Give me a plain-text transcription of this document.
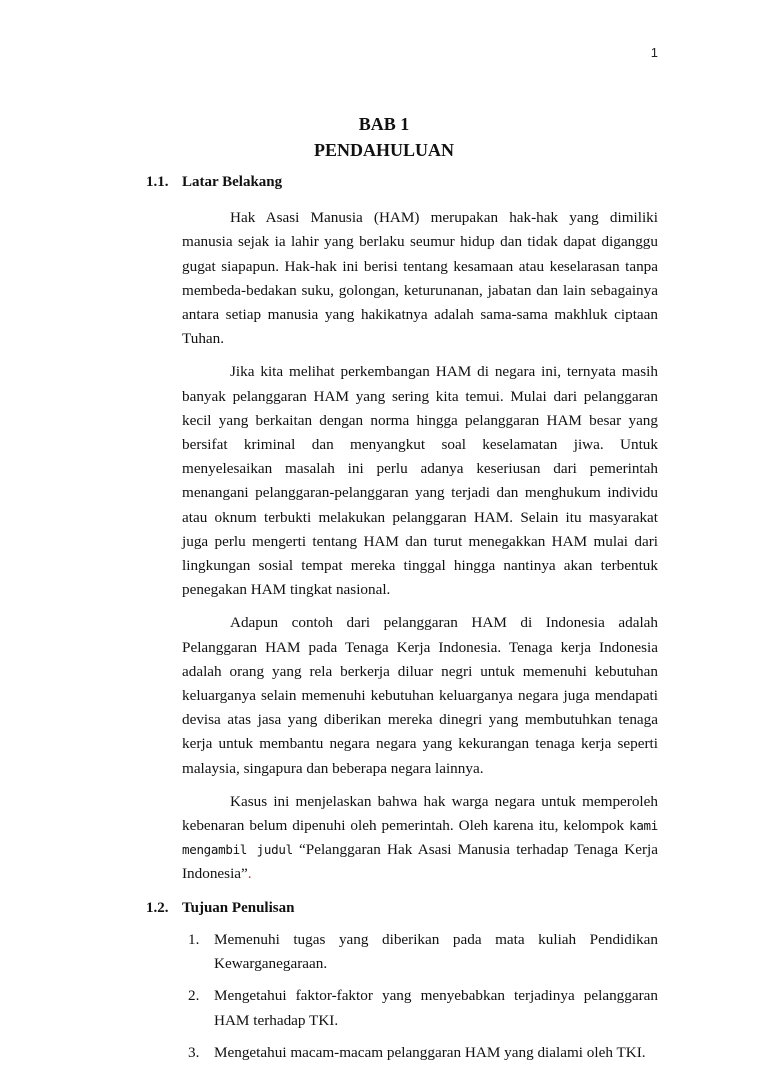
1
BAB 1
PENDAHULUAN
1.1. Latar Belakang

Hak Asasi Manusia (HAM) merupakan hak-hak yang dimiliki manusia sejak ia lahir yang berlaku seumur hidup dan tidak dapat diganggu gugat siapapun. Hak-hak ini berisi tentang kesamaan atau keselarasan tanpa membeda-bedakan suku, golongan, keturunanan, jabatan dan lain sebagainya antara setiap manusia yang hakikatnya adalah sama-sama makhluk ciptaan Tuhan.

Jika kita melihat perkembangan HAM di negara ini, ternyata masih banyak pelanggaran HAM yang sering kita temui. Mulai dari pelanggaran kecil yang berkaitan dengan norma hingga pelanggaran HAM besar yang bersifat kriminal dan menyangkut soal keselamatan jiwa. Untuk menyelesaikan masalah ini perlu adanya keseriusan dari pemerintah menangani pelanggaran-pelanggaran yang terjadi dan menghukum individu atau oknum terbukti melakukan pelanggaran HAM. Selain itu masyarakat juga perlu mengerti tentang HAM dan turut menegakkan HAM mulai dari lingkungan sosial tempat mereka tinggal hingga nantinya akan terbentuk penegakan HAM tingkat nasional.

Adapun contoh dari pelanggaran HAM di Indonesia adalah Pelanggaran HAM pada Tenaga Kerja Indonesia. Tenaga kerja Indonesia adalah orang yang rela berkerja diluar negri untuk memenuhi kebutuhan keluarganya selain memenuhi kebutuhan keluarganya negara juga mendapati devisa atas jasa yang diberikan mereka dinegri yang membutuhkan tenaga kerja untuk membantu negara negara yang kekurangan tenaga kerja seperti malaysia, singapura dan beberapa negara lainnya.

Kasus ini menjelaskan bahwa hak warga negara untuk memperoleh kebenaran belum dipenuhi oleh pemerintah. Oleh karena itu, kelompok kami mengambil judul “Pelanggaran Hak Asasi Manusia terhadap Tenaga Kerja Indonesia”.

1.2. Tujuan Penulisan
1. Memenuhi tugas yang diberikan pada mata kuliah Pendidikan Kewarganegaraan.
2. Mengetahui faktor-faktor yang menyebabkan terjadinya pelanggaran HAM terhadap TKI.
3. Mengetahui macam-macam pelanggaran HAM yang dialami oleh TKI.
